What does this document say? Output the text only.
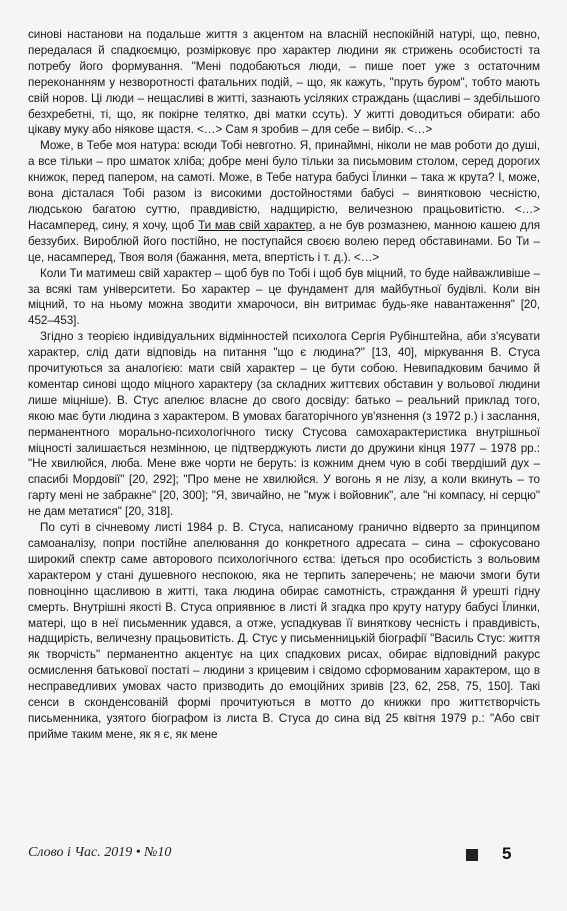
синові настанови на подальше життя з акцентом на власній неспокійній натурі, що, певно, передалася й спадкоємцю, розмірковує про характер людини як стрижень особистості та потребу його формування. "Мені подобаються люди, – пише поет уже з остаточним переконанням у незворотності фатальних подій, – що, як кажуть, "пруть буром", тобто мають свій норов. Ці люди – нещасливі в житті, зазнають усіляких страждань (щасливі – здебільшого безхребетні, ті, що, як покірне телятко, дві матки ссуть). У житті доводиться обирати: або цікаву муку або ніякове щастя. <…> Сам я зробив – для себе – вибір. <…>

Може, в Тебе моя натура: всюди Тобі невготно. Я, принаймні, ніколи не мав роботи до душі, а все тільки – про шматок хліба; добре мені було тільки за письмовим столом, серед дорогих книжок, перед папером, на самоті. Може, в Тебе натура бабусі Їлинки – така ж крута? І, може, вона дісталася Тобі разом із високими достойностями бабусі – винятковою чесністю, людською багатою суттю, правдивістю, надщирістю, величезною працьовитістю. <…> Насамперед, сину, я хочу, щоб Ти мав свій характер, а не був розмазнею, манною кашею для беззубих. Вироблюй його постійно, не поступайся своєю волею перед обставинами. Бо Ти – це, насамперед, Твоя воля (бажання, мета, впертість і т. д.). <…>

Коли Ти матимеш свій характер – щоб був по Тобі і щоб був міцний, то буде найважливіше – за всякі там університети. Бо характер – це фундамент для майбутньої будівлі. Коли він міцний, то на ньому можна зводити хмарочоси, він витримає будь-яке навантаження" [20, 452–453].

Згідно з теорією індивідуальних відмінностей психолога Сергія Рубінштейна, аби з'ясувати характер, слід дати відповідь на питання "що є людина?" [13, 40], міркування В. Стуса прочитуються за аналогією: мати свій характер – це бути собою. Невипадковим бачимо й коментар синові щодо міцного характеру (за складних життєвих обставин у вольової людини лише міцніше). В. Стус апелює власне до свого досвіду: батько – реальний приклад того, якою має бути людина з характером. В умовах багаторічного ув'язнення (з 1972 р.) і заслання, перманентного морально-психологічного тиску Стусова самохарактеристика внутрішньої міцності залишається незмінною, це підтверджують листи до дружини кінця 1977 – 1978 рр.: "Не хвилюйся, люба. Мене вже чорти не беруть: із кожним днем чую в собі твердіший дух – спасибі Мордовії" [20, 292]; "Про мене не хвилюйся. У вогонь я не лізу, а коли вкинуть – то гарту мені не забракне" [20, 300]; "Я, звичайно, не "муж і войовник", але "ні компасу, ні серцю" не дам метатися" [20, 318].

По суті в січневому листі 1984 р. В. Стуса, написаному гранично відверто за принципом самоаналізу, попри постійне апелювання до конкретного адресата – сина – сфокусовано широкий спектр саме авторового психологічного єства: ідеться про особистість з вольовим характером у стані душевного неспокою, яка не терпить заперечень; не маючи змоги бути повноцінно щасливою в житті, така людина обирає самотність, страждання й урешті гідну смерть. Внутрішні якості В. Стуса оприявнює в листі й згадка про круту натуру бабусі Їлинки, матері, що в неї письменник удався, а отже, успадкував її виняткову чесність і правдивість, надщирість, величезну працьовитість. Д. Стус у письменницькій біографії "Василь Стус: життя як творчість" перманентно акцентує на цих спадкових рисах, обирає відповідний ракурс осмислення батькової постаті – людини з крицевим і свідомо сформованим характером, що в несправедливих умовах часто призводить до емоційних зривів [23, 62, 258, 75, 150]. Такі сенси в сконденсованій формі прочитуються в мотто до книжки про життєтворчість письменника, узятого біографом із листа В. Стуса до сина від 25 квітня 1979 р.: "Або світ прийме таким мене, як я є, як мене

Слово і Час. 2019 • №10	5
